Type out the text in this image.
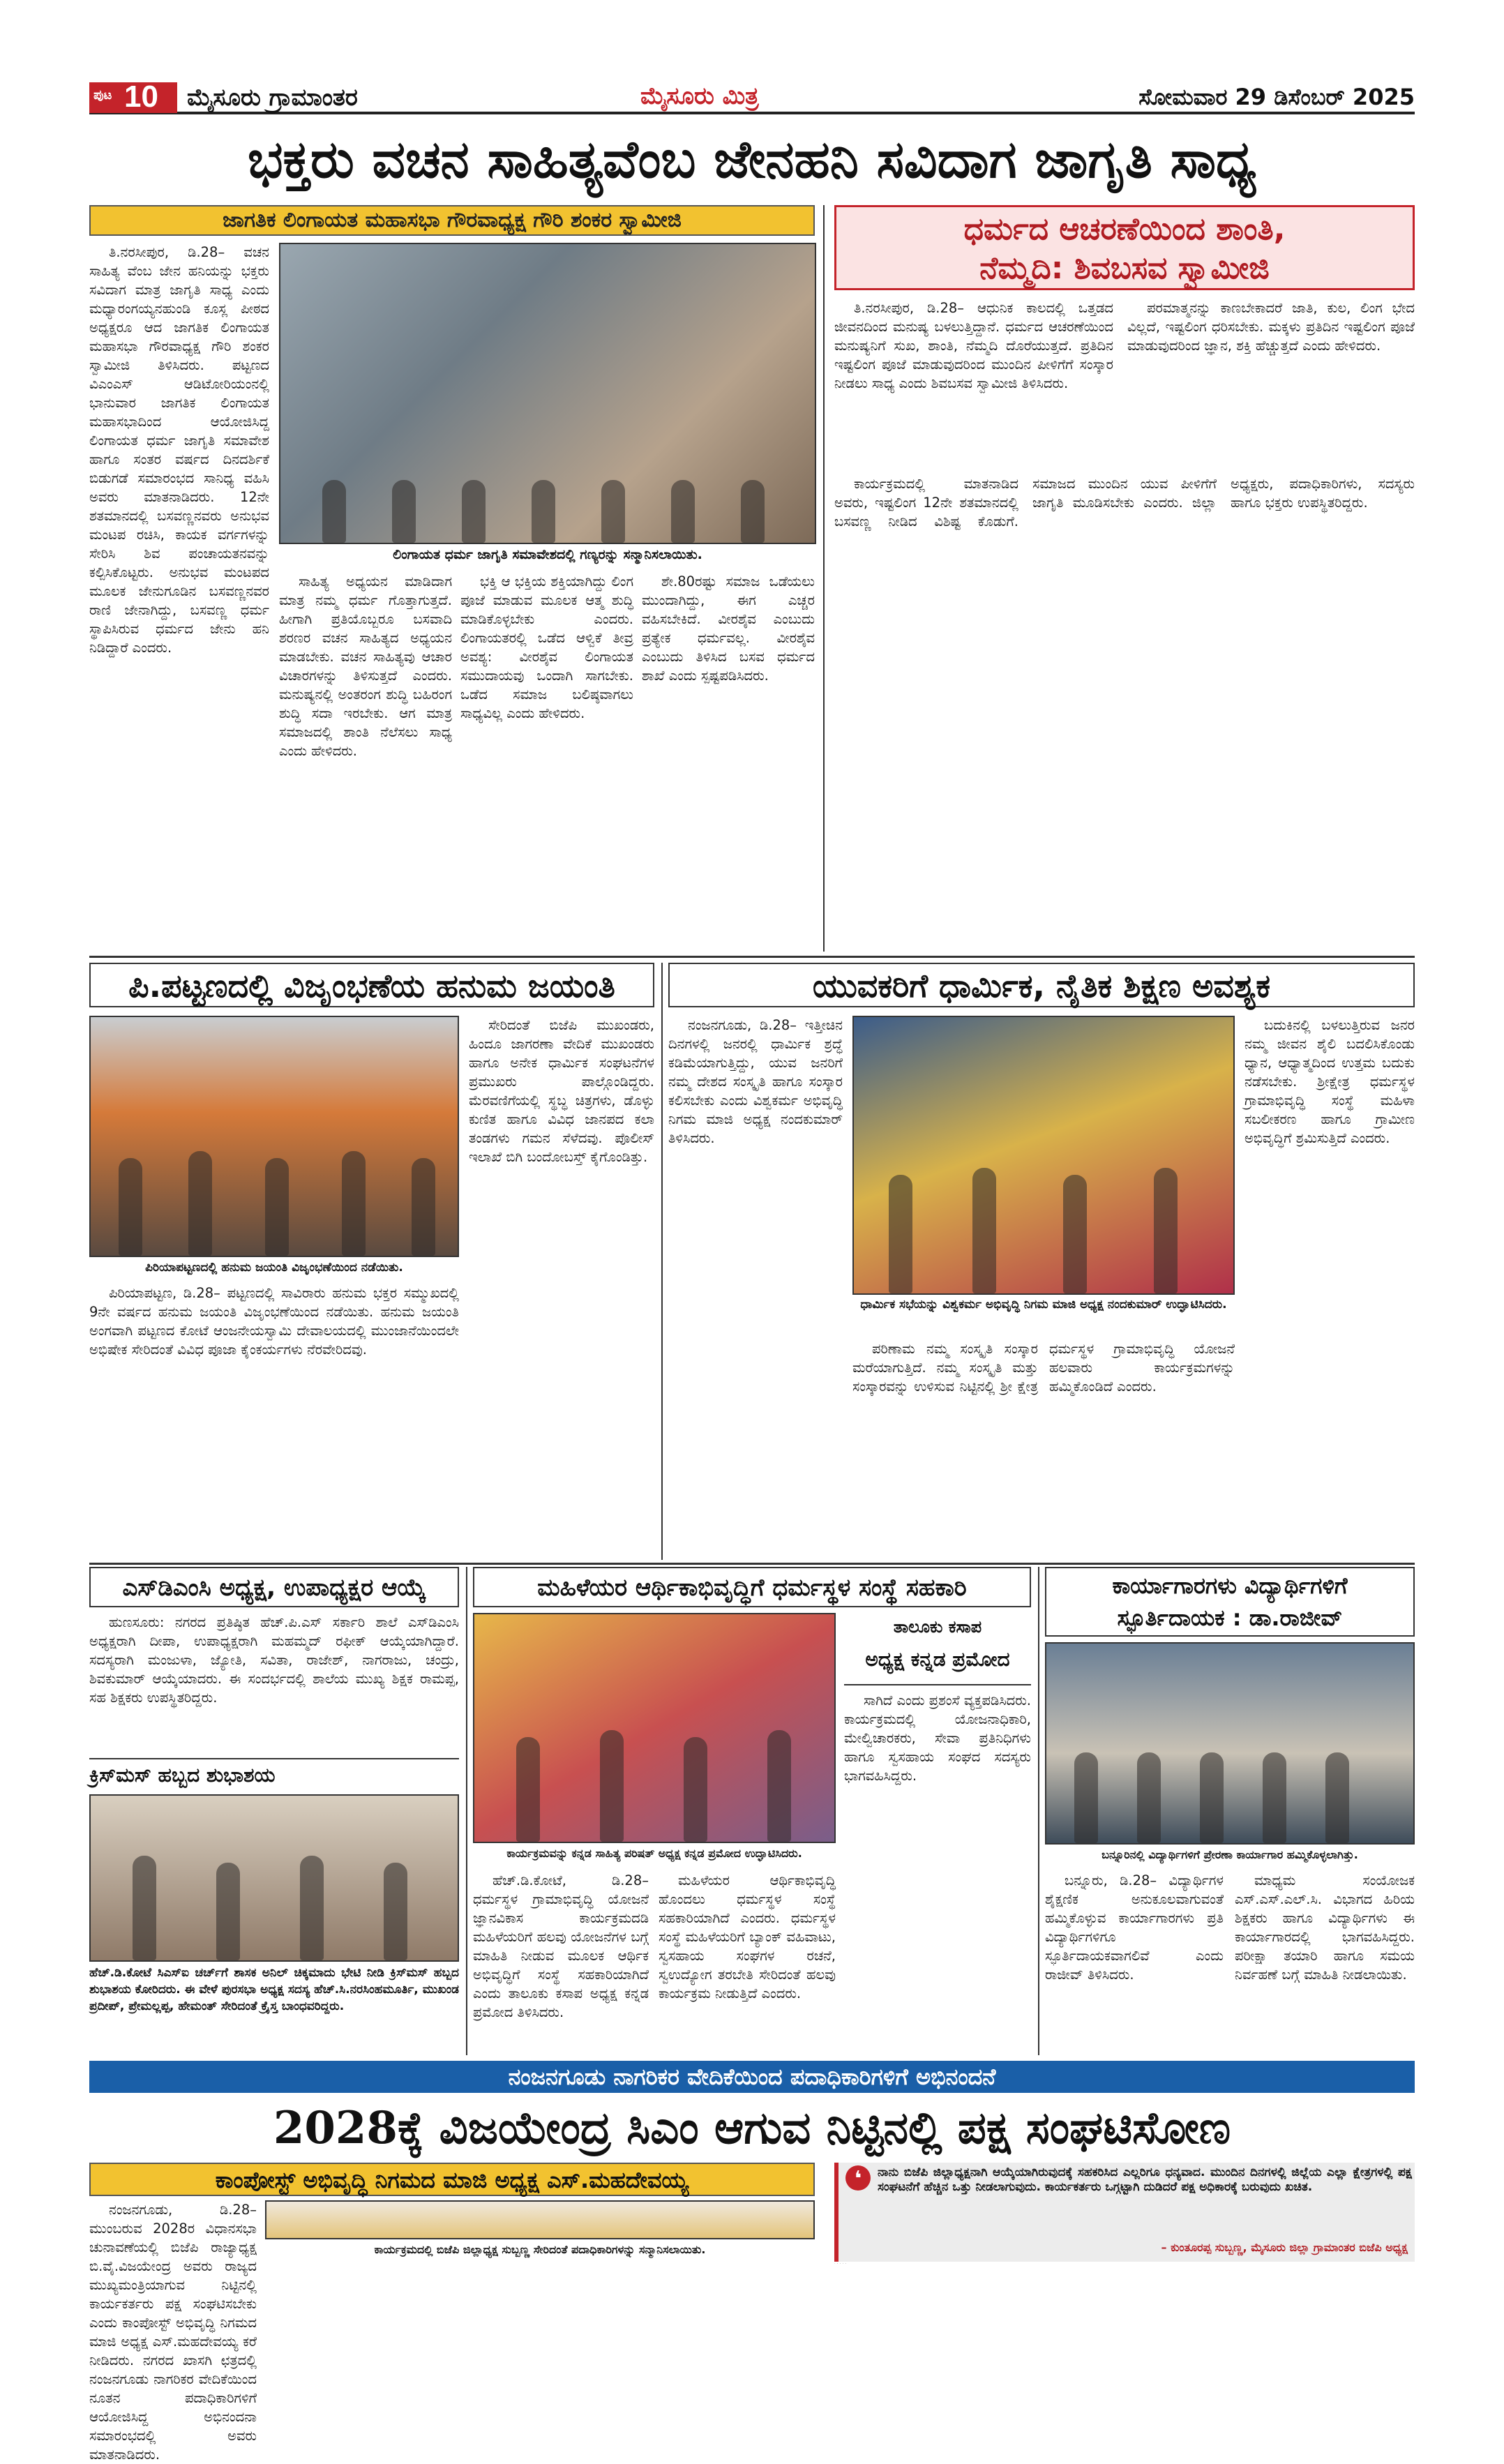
ಪುಟ 10 ಮೈಸೂರು ಗ್ರಾಮಾಂತರ	ಮೈಸೂರು ಮಿತ್ರ	ಸೋಮವಾರ 29 ಡಿಸೆಂಬರ್ 2025
ಭಕ್ತರು ವಚನ ಸಾಹಿತ್ಯವೆಂಬ ಜೇನಹನಿ ಸವಿದಾಗ ಜಾಗೃತಿ ಸಾಧ್ಯ
ಜಾಗತಿಕ ಲಿಂಗಾಯತ ಮಹಾಸಭಾ ಗೌರವಾಧ್ಯಕ್ಷ ಗೌರಿ ಶಂಕರ ಸ್ವಾಮೀಜಿ

ತಿ.ನರಸೀಪುರ, ಡಿ.28– ವಚನ ಸಾಹಿತ್ಯ ವೆಂಬ ಜೇನ ಹನಿಯನ್ನು ಭಕ್ತರು ಸವಿದಾಗ ಮಾತ್ರ ಜಾಗೃತಿ ಸಾಧ್ಯ ಎಂದು ಮಧ್ಯಾರಂಗಯ್ಯನಹುಂಡಿ ಕೂಸ್ಲ ಪೀಠದ ಅಧ್ಯಕ್ಷರೂ ಆದ ಜಾಗತಿಕ ಲಿಂಗಾಯತ ಮಹಾಸಭಾ ಗೌರವಾಧ್ಯಕ್ಷ ಗೌರಿ ಶಂಕರ ಸ್ವಾಮೀಜಿ ತಿಳಿಸಿದರು. ಪಟ್ಟಣದ ವಿಎಂಎಸ್ ಆಡಿಟೋರಿಯಂನಲ್ಲಿ ಭಾನುವಾರ ಜಾಗತಿಕ ಲಿಂಗಾಯತ ಮಹಾಸಭಾದಿಂದ ಆಯೋಜಿಸಿದ್ದ ಲಿಂಗಾಯತ ಧರ್ಮ ಜಾಗೃತಿ ಸಮಾವೇಶ ಹಾಗೂ ಸಂತರ ವರ್ಷದ ದಿನದರ್ಶಿಕೆ ಬಿಡುಗಡೆ ಸಮಾರಂಭದ ಸಾನಿಧ್ಯ ವಹಿಸಿ ಅವರು ಮಾತನಾಡಿದರು. 12ನೇ ಶತಮಾನದಲ್ಲಿ ಬಸವಣ್ಣನವರು ಅನುಭವ ಮಂಟಪ ರಚಿಸಿ, ಕಾಯಕ ವರ್ಗಗಳನ್ನು ಸೇರಿಸಿ ಶಿವ ಪಂಚಾಯತನವನ್ನು ಕಲ್ಪಿಸಿಕೊಟ್ಟರು. ಅನುಭವ ಮಂಟಪದ ಮೂಲಕ ಜೇನುಗೂಡಿನ ಬಸವಣ್ಣನವರ ರಾಣಿ ಜೇನಾಗಿದ್ದು, ಬಸವಣ್ಣ ಧರ್ಮ ಸ್ಥಾಪಿಸಿರುವ ಧರ್ಮದ ಜೇನು ಹನಿ ನಿಡಿದ್ದಾರೆ ಎಂದರು.

ಲಿಂಗಾಯತ ಧರ್ಮ ಜಾಗೃತಿ ಸಮಾವೇಶದಲ್ಲಿ ಗಣ್ಯರನ್ನು ಸನ್ಮಾನಿಸಲಾಯಿತು.

ಸಾಹಿತ್ಯ ಅಧ್ಯಯನ ಮಾಡಿದಾಗ ಮಾತ್ರ ನಮ್ಮ ಧರ್ಮ ಗೊತ್ತಾಗುತ್ತದೆ. ಹೀಗಾಗಿ ಪ್ರತಿಯೊಬ್ಬರೂ ಬಸವಾದಿ ಶರಣರ ವಚನ ಸಾಹಿತ್ಯದ ಅಧ್ಯಯನ ಮಾಡಬೇಕು. ವಚನ ಸಾಹಿತ್ಯವು ಆಚಾರ ವಿಚಾರಗಳನ್ನು ತಿಳಿಸುತ್ತದೆ ಎಂದರು. ಮನುಷ್ಯನಲ್ಲಿ ಅಂತರಂಗ ಶುದ್ಧಿ ಬಹಿರಂಗ ಶುದ್ಧಿ ಸದಾ ಇರಬೇಕು. ಆಗ ಮಾತ್ರ ಸಮಾಜದಲ್ಲಿ ಶಾಂತಿ ನೆಲೆಸಲು ಸಾಧ್ಯ ಎಂದು ಹೇಳಿದರು.

ಭಕ್ತಿ ಆ ಭಕ್ತಿಯ ಶಕ್ತಿಯಾಗಿದ್ದು ಲಿಂಗ ಪೂಜೆ ಮಾಡುವ ಮೂಲಕ ಆತ್ಮ ಶುದ್ಧಿ ಮಾಡಿಕೊಳ್ಳಬೇಕು ಎಂದರು. ಲಿಂಗಾಯತರಲ್ಲಿ ಒಡೆದ ಆಳ್ವಿಕೆ ತೀವ್ರ ಅವಶ್ಯ: ವೀರಶೈವ ಲಿಂಗಾಯತ ಸಮುದಾಯವು ಒಂದಾಗಿ ಸಾಗಬೇಕು. ಒಡೆದ ಸಮಾಜ ಬಲಿಷ್ಠವಾಗಲು ಸಾಧ್ಯವಿಲ್ಲ ಎಂದು ಹೇಳಿದರು.

ಶೇ.80ರಷ್ಟು ಸಮಾಜ ಒಡೆಯಲು ಮುಂದಾಗಿದ್ದು, ಈಗ ಎಚ್ಚರ ವಹಿಸಬೇಕಿದೆ. ವೀರಶೈವ ಎಂಬುದು ಪ್ರತ್ಯೇಕ ಧರ್ಮವಲ್ಲ. ವೀರಶೈವ ಎಂಬುದು ತಿಳಿಸಿದ ಬಸವ ಧರ್ಮದ ಶಾಖೆ ಎಂದು ಸ್ಪಷ್ಟಪಡಿಸಿದರು.

ಧರ್ಮದ ಆಚರಣೆಯಿಂದ ಶಾಂತಿ,
ನೆಮ್ಮದಿ: ಶಿವಬಸವ ಸ್ವಾಮೀಜಿ

ತಿ.ನರಸೀಪುರ, ಡಿ.28– ಆಧುನಿಕ ಕಾಲದಲ್ಲಿ ಒತ್ತಡದ ಜೀವನದಿಂದ ಮನುಷ್ಯ ಬಳಲುತ್ತಿದ್ದಾನೆ. ಧರ್ಮದ ಆಚರಣೆಯಿಂದ ಮನುಷ್ಯನಿಗೆ ಸುಖ, ಶಾಂತಿ, ನೆಮ್ಮದಿ ದೊರೆಯುತ್ತದೆ. ಪ್ರತಿದಿನ ಇಷ್ಟಲಿಂಗ ಪೂಜೆ ಮಾಡುವುದರಿಂದ ಮುಂದಿನ ಪೀಳಿಗೆಗೆ ಸಂಸ್ಕಾರ ನೀಡಲು ಸಾಧ್ಯ ಎಂದು ಶಿವಬಸವ ಸ್ವಾಮೀಜಿ ತಿಳಿಸಿದರು.

ಪರಮಾತ್ಮನನ್ನು ಕಾಣಬೇಕಾದರೆ ಜಾತಿ, ಕುಲ, ಲಿಂಗ ಭೇದ ವಿಲ್ಲದೆ, ಇಷ್ಟಲಿಂಗ ಧರಿಸಬೇಕು. ಮಕ್ಕಳು ಪ್ರತಿದಿನ ಇಷ್ಟಲಿಂಗ ಪೂಜೆ ಮಾಡುವುದರಿಂದ ಜ್ಞಾನ, ಶಕ್ತಿ ಹೆಚ್ಚುತ್ತದೆ ಎಂದು ಹೇಳಿದರು.

ಕಾರ್ಯಕ್ರಮದಲ್ಲಿ ಮಾತನಾಡಿದ ಅವರು, ಇಷ್ಟಲಿಂಗ 12ನೇ ಶತಮಾನದಲ್ಲಿ ಬಸವಣ್ಣ ನೀಡಿದ ವಿಶಿಷ್ಟ ಕೊಡುಗೆ. ಸಮಾಜದ ಮುಂದಿನ ಯುವ ಪೀಳಿಗೆಗೆ ಜಾಗೃತಿ ಮೂಡಿಸಬೇಕು ಎಂದರು. ಜಿಲ್ಲಾ ಅಧ್ಯಕ್ಷರು, ಪದಾಧಿಕಾರಿಗಳು, ಸದಸ್ಯರು ಹಾಗೂ ಭಕ್ತರು ಉಪಸ್ಥಿತರಿದ್ದರು.

ಪಿ.ಪಟ್ಟಣದಲ್ಲಿ ವಿಜೃಂಭಣೆಯ ಹನುಮ ಜಯಂತಿ
ಪಿರಿಯಾಪಟ್ಟಣದಲ್ಲಿ ಹನುಮ ಜಯಂತಿ ವಿಜೃಂಭಣೆಯಿಂದ ನಡೆಯಿತು.

ಪಿರಿಯಾಪಟ್ಟಣ, ಡಿ.28– ಪಟ್ಟಣದಲ್ಲಿ ಸಾವಿರಾರು ಹನುಮ ಭಕ್ತರ ಸಮ್ಮುಖದಲ್ಲಿ 9ನೇ ವರ್ಷದ ಹನುಮ ಜಯಂತಿ ವಿಜೃಂಭಣೆಯಿಂದ ನಡೆಯಿತು. ಹನುಮ ಜಯಂತಿ ಅಂಗವಾಗಿ ಪಟ್ಟಣದ ಕೋಟೆ ಆಂಜನೇಯಸ್ವಾಮಿ ದೇವಾಲಯದಲ್ಲಿ ಮುಂಜಾನೆಯಿಂದಲೇ ಅಭಿಷೇಕ ಸೇರಿದಂತೆ ವಿವಿಧ ಪೂಜಾ ಕೈಂಕರ್ಯಗಳು ನೆರವೇರಿದವು.

ಸೇರಿದಂತೆ ಬಿಜೆಪಿ ಮುಖಂಡರು, ಹಿಂದೂ ಜಾಗರಣಾ ವೇದಿಕೆ ಮುಖಂಡರು ಹಾಗೂ ಅನೇಕ ಧಾರ್ಮಿಕ ಸಂಘಟನೆಗಳ ಪ್ರಮುಖರು ಪಾಲ್ಗೊಂಡಿದ್ದರು. ಮೆರವಣಿಗೆಯಲ್ಲಿ ಸ್ಥಬ್ಧ ಚಿತ್ರಗಳು, ಡೊಳ್ಳು ಕುಣಿತ ಹಾಗೂ ವಿವಿಧ ಜಾನಪದ ಕಲಾ ತಂಡಗಳು ಗಮನ ಸೆಳೆದವು. ಪೊಲೀಸ್ ಇಲಾಖೆ ಬಿಗಿ ಬಂದೋಬಸ್ತ್ ಕೈಗೊಂಡಿತ್ತು.

ಯುವಕರಿಗೆ ಧಾರ್ಮಿಕ, ನೈತಿಕ ಶಿಕ್ಷಣ ಅವಶ್ಯಕ

ನಂಜನಗೂಡು, ಡಿ.28– ಇತ್ತೀಚಿನ ದಿನಗಳಲ್ಲಿ ಜನರಲ್ಲಿ ಧಾರ್ಮಿಕ ಶ್ರದ್ಧೆ ಕಡಿಮೆಯಾಗುತ್ತಿದ್ದು, ಯುವ ಜನರಿಗೆ ನಮ್ಮ ದೇಶದ ಸಂಸ್ಕೃತಿ ಹಾಗೂ ಸಂಸ್ಕಾರ ಕಲಿಸಬೇಕು ಎಂದು ವಿಶ್ವಕರ್ಮ ಅಭಿವೃದ್ಧಿ ನಿಗಮ ಮಾಜಿ ಅಧ್ಯಕ್ಷ ನಂದಕುಮಾರ್ ತಿಳಿಸಿದರು.

ಧಾರ್ಮಿಕ ಸಭೆಯನ್ನು ವಿಶ್ವಕರ್ಮ ಅಭಿವೃದ್ಧಿ ನಿಗಮ ಮಾಜಿ ಅಧ್ಯಕ್ಷ ನಂದಕುಮಾರ್ ಉದ್ಘಾಟಿಸಿದರು.

ಪರಿಣಾಮ ನಮ್ಮ ಸಂಸ್ಕೃತಿ ಸಂಸ್ಕಾರ ಮರೆಯಾಗುತ್ತಿದೆ. ನಮ್ಮ ಸಂಸ್ಕೃತಿ ಮತ್ತು ಸಂಸ್ಕಾರವನ್ನು ಉಳಿಸುವ ನಿಟ್ಟಿನಲ್ಲಿ ಶ್ರೀ ಕ್ಷೇತ್ರ ಧರ್ಮಸ್ಥಳ ಗ್ರಾಮಾಭಿವೃದ್ಧಿ ಯೋಜನೆ ಹಲವಾರು ಕಾರ್ಯಕ್ರಮಗಳನ್ನು ಹಮ್ಮಿಕೊಂಡಿದೆ ಎಂದರು.

ಬದುಕಿನಲ್ಲಿ ಬಳಲುತ್ತಿರುವ ಜನರ ನಮ್ಮ ಜೀವನ ಶೈಲಿ ಬದಲಿಸಿಕೊಂಡು ಧ್ಯಾನ, ಆಧ್ಯಾತ್ಮದಿಂದ ಉತ್ತಮ ಬದುಕು ನಡೆಸಬೇಕು. ಶ್ರೀಕ್ಷೇತ್ರ ಧರ್ಮಸ್ಥಳ ಗ್ರಾಮಾಭಿವೃದ್ಧಿ ಸಂಸ್ಥೆ ಮಹಿಳಾ ಸಬಲೀಕರಣ ಹಾಗೂ ಗ್ರಾಮೀಣ ಅಭಿವೃದ್ಧಿಗೆ ಶ್ರಮಿಸುತ್ತಿದೆ ಎಂದರು.

ಎಸ್‌ಡಿಎಂಸಿ ಅಧ್ಯಕ್ಷ, ಉಪಾಧ್ಯಕ್ಷರ ಆಯ್ಕೆ

ಹುಣಸೂರು: ನಗರದ ಪ್ರತಿಷ್ಠಿತ ಹೆಚ್.ಪಿ.ಎಸ್ ಸರ್ಕಾರಿ ಶಾಲೆ ಎಸ್‌ಡಿಎಂಸಿ ಅಧ್ಯಕ್ಷರಾಗಿ ದೀಪಾ, ಉಪಾಧ್ಯಕ್ಷರಾಗಿ ಮಹಮ್ಮದ್ ರಫೀಕ್ ಆಯ್ಕೆಯಾಗಿದ್ದಾರೆ. ಸದಸ್ಯರಾಗಿ ಮಂಜುಳಾ, ಜ್ಯೋತಿ, ಸವಿತಾ, ರಾಜೇಶ್, ನಾಗರಾಜು, ಚಂದ್ರು, ಶಿವಕುಮಾರ್ ಆಯ್ಕೆಯಾದರು. ಈ ಸಂದರ್ಭದಲ್ಲಿ ಶಾಲೆಯ ಮುಖ್ಯ ಶಿಕ್ಷಕ ರಾಮಪ್ಪ, ಸಹ ಶಿಕ್ಷಕರು ಉಪಸ್ಥಿತರಿದ್ದರು.

ಕ್ರಿಸ್‌ಮಸ್ ಹಬ್ಬದ ಶುಭಾಶಯ
ಹೆಚ್.ಡಿ.ಕೋಟೆ ಸಿಎಸ್ಐ ಚರ್ಚ್‌ಗೆ ಶಾಸಕ ಅನಿಲ್ ಚಿಕ್ಕಮಾದು ಭೇಟಿ ನೀಡಿ ಕ್ರಿಸ್‌ಮಸ್ ಹಬ್ಬದ ಶುಭಾಶಯ ಕೋರಿದರು. ಈ ವೇಳೆ ಪುರಸಭಾ ಅಧ್ಯಕ್ಷ ಸದಸ್ಯ ಹೆಚ್.ಸಿ.ನರಸಿಂಹಮೂರ್ತಿ, ಮುಖಂಡ ಪ್ರದೀಪ್, ಪ್ರೇಮಲ್ಲಪ್ಪ, ಹೇಮಂತ್ ಸೇರಿದಂತೆ ಕ್ರೈಸ್ತ ಬಾಂಧವರಿದ್ದರು.
ಮಹಿಳೆಯರ ಆರ್ಥಿಕಾಭಿವೃದ್ಧಿಗೆ ಧರ್ಮಸ್ಥಳ ಸಂಸ್ಥೆ ಸಹಕಾರಿ
ಕಾರ್ಯಕ್ರಮವನ್ನು ಕನ್ನಡ ಸಾಹಿತ್ಯ ಪರಿಷತ್ ಅಧ್ಯಕ್ಷ ಕನ್ನಡ ಪ್ರಮೋದ ಉದ್ಘಾಟಿಸಿದರು.
ತಾಲೂಕು ಕಸಾಪ
ಅಧ್ಯಕ್ಷ ಕನ್ನಡ ಪ್ರಮೋದ

ಸಾಗಿದೆ ಎಂದು ಪ್ರಶಂಸೆ ವ್ಯಕ್ತಪಡಿಸಿದರು. ಕಾರ್ಯಕ್ರಮದಲ್ಲಿ ಯೋಜನಾಧಿಕಾರಿ, ಮೇಲ್ವಿಚಾರಕರು, ಸೇವಾ ಪ್ರತಿನಿಧಿಗಳು ಹಾಗೂ ಸ್ವಸಹಾಯ ಸಂಘದ ಸದಸ್ಯರು ಭಾಗವಹಿಸಿದ್ದರು.

ಹೆಚ್.ಡಿ.ಕೋಟೆ, ಡಿ.28– ಧರ್ಮಸ್ಥಳ ಗ್ರಾಮಾಭಿವೃದ್ಧಿ ಯೋಜನೆ ಜ್ಞಾನವಿಕಾಸ ಕಾರ್ಯಕ್ರಮದಡಿ ಮಹಿಳೆಯರಿಗೆ ಹಲವು ಯೋಜನೆಗಳ ಬಗ್ಗೆ ಮಾಹಿತಿ ನೀಡುವ ಮೂಲಕ ಆರ್ಥಿಕ ಅಭಿವೃದ್ಧಿಗೆ ಸಂಸ್ಥೆ ಸಹಕಾರಿಯಾಗಿದೆ ಎಂದು ತಾಲೂಕು ಕಸಾಪ ಅಧ್ಯಕ್ಷ ಕನ್ನಡ ಪ್ರಮೋದ ತಿಳಿಸಿದರು.

ಮಹಿಳೆಯರ ಆರ್ಥಿಕಾಭಿವೃದ್ಧಿ ಹೊಂದಲು ಧರ್ಮಸ್ಥಳ ಸಂಸ್ಥೆ ಸಹಕಾರಿಯಾಗಿದೆ ಎಂದರು. ಧರ್ಮಸ್ಥಳ ಸಂಸ್ಥೆ ಮಹಿಳೆಯರಿಗೆ ಬ್ಯಾಂಕ್ ವಹಿವಾಟು, ಸ್ವಸಹಾಯ ಸಂಘಗಳ ರಚನೆ, ಸ್ವಉದ್ಯೋಗ ತರಬೇತಿ ಸೇರಿದಂತೆ ಹಲವು ಕಾರ್ಯಕ್ರಮ ನೀಡುತ್ತಿದೆ ಎಂದರು.

ಕಾರ್ಯಾಗಾರಗಳು ವಿದ್ಯಾರ್ಥಿಗಳಿಗೆ
ಸ್ಫೂರ್ತಿದಾಯಕ : ಡಾ.ರಾಜೀವ್
ಬನ್ನೂರಿನಲ್ಲಿ ವಿದ್ಯಾರ್ಥಿಗಳಿಗೆ ಪ್ರೇರಣಾ ಕಾರ್ಯಾಗಾರ ಹಮ್ಮಿಕೊಳ್ಳಲಾಗಿತ್ತು.

ಬನ್ನೂರು, ಡಿ.28– ವಿದ್ಯಾರ್ಥಿಗಳ ಶೈಕ್ಷಣಿಕ ಅನುಕೂಲವಾಗುವಂತೆ ಹಮ್ಮಿಕೊಳ್ಳುವ ಕಾರ್ಯಾಗಾರಗಳು ಪ್ರತಿ ವಿದ್ಯಾರ್ಥಿಗಳಿಗೂ ಸ್ಫೂರ್ತಿದಾಯಕವಾಗಲಿವೆ ಎಂದು ರಾಜೀವ್ ತಿಳಿಸಿದರು.

ಮಾಧ್ಯಮ ಸಂಯೋಜಕ ಎಸ್.ಎಸ್.ಎಲ್.ಸಿ. ವಿಭಾಗದ ಹಿರಿಯ ಶಿಕ್ಷಕರು ಹಾಗೂ ವಿದ್ಯಾರ್ಥಿಗಳು ಈ ಕಾರ್ಯಾಗಾರದಲ್ಲಿ ಭಾಗವಹಿಸಿದ್ದರು. ಪರೀಕ್ಷಾ ತಯಾರಿ ಹಾಗೂ ಸಮಯ ನಿರ್ವಹಣೆ ಬಗ್ಗೆ ಮಾಹಿತಿ ನೀಡಲಾಯಿತು.

ನಂಜನಗೂಡು ನಾಗರಿಕರ ವೇದಿಕೆಯಿಂದ ಪದಾಧಿಕಾರಿಗಳಿಗೆ ಅಭಿನಂದನೆ
2028ಕ್ಕೆ ವಿಜಯೇಂದ್ರ ಸಿಎಂ ಆಗುವ ನಿಟ್ಟಿನಲ್ಲಿ ಪಕ್ಷ ಸಂಘಟಿಸೋಣ
ಕಾಂಪೋಸ್ಟ್ ಅಭಿವೃದ್ಧಿ ನಿಗಮದ ಮಾಜಿ ಅಧ್ಯಕ್ಷ ಎಸ್.ಮಹದೇವಯ್ಯ

ನಂಜನಗೂಡು, ಡಿ.28– ಮುಂಬರುವ 2028ರ ವಿಧಾನಸಭಾ ಚುನಾವಣೆಯಲ್ಲಿ ಬಿಜೆಪಿ ರಾಜ್ಯಾಧ್ಯಕ್ಷ ಬಿ.ವೈ.ವಿಜಯೇಂದ್ರ ಅವರು ರಾಜ್ಯದ ಮುಖ್ಯಮಂತ್ರಿಯಾಗುವ ನಿಟ್ಟಿನಲ್ಲಿ ಕಾರ್ಯಕರ್ತರು ಪಕ್ಷ ಸಂಘಟಿಸಬೇಕು ಎಂದು ಕಾಂಪೋಸ್ಟ್ ಅಭಿವೃದ್ಧಿ ನಿಗಮದ ಮಾಜಿ ಅಧ್ಯಕ್ಷ ಎಸ್.ಮಹದೇವಯ್ಯ ಕರೆ ನೀಡಿದರು. ನಗರದ ಖಾಸಗಿ ಛತ್ರದಲ್ಲಿ ನಂಜನಗೂಡು ನಾಗರಿಕರ ವೇದಿಕೆಯಿಂದ ನೂತನ ಪದಾಧಿಕಾರಿಗಳಿಗೆ ಆಯೋಜಿಸಿದ್ದ ಅಭಿನಂದನಾ ಸಮಾರಂಭದಲ್ಲಿ ಅವರು ಮಾತನಾಡಿದರು.

ಕಾರ್ಯಕ್ರಮದಲ್ಲಿ ಬಿಜೆಪಿ ಜಿಲ್ಲಾಧ್ಯಕ್ಷ ಸುಬ್ಬಣ್ಣ ಸೇರಿದಂತೆ ಪದಾಧಿಕಾರಿಗಳನ್ನು ಸನ್ಮಾನಿಸಲಾಯಿತು.
❛	ನಾನು ಬಿಜೆಪಿ ಜಿಲ್ಲಾಧ್ಯಕ್ಷನಾಗಿ ಆಯ್ಕೆಯಾಗಿರುವುದಕ್ಕೆ ಸಹಕರಿಸಿದ ಎಲ್ಲರಿಗೂ ಧನ್ಯವಾದ. ಮುಂದಿನ ದಿನಗಳಲ್ಲಿ ಜಿಲ್ಲೆಯ ಎಲ್ಲಾ ಕ್ಷೇತ್ರಗಳಲ್ಲಿ ಪಕ್ಷ ಸಂಘಟನೆಗೆ ಹೆಚ್ಚಿನ ಒತ್ತು ನೀಡಲಾಗುವುದು. ಕಾರ್ಯಕರ್ತರು ಒಗ್ಗಟ್ಟಾಗಿ ದುಡಿದರೆ ಪಕ್ಷ ಅಧಿಕಾರಕ್ಕೆ ಬರುವುದು ಖಚಿತ.
– ಕುಂತೂರಪ್ಪ ಸುಬ್ಬಣ್ಣ, ಮೈಸೂರು ಜಿಲ್ಲಾ ಗ್ರಾಮಾಂತರ ಬಿಜೆಪಿ ಅಧ್ಯಕ್ಷ
